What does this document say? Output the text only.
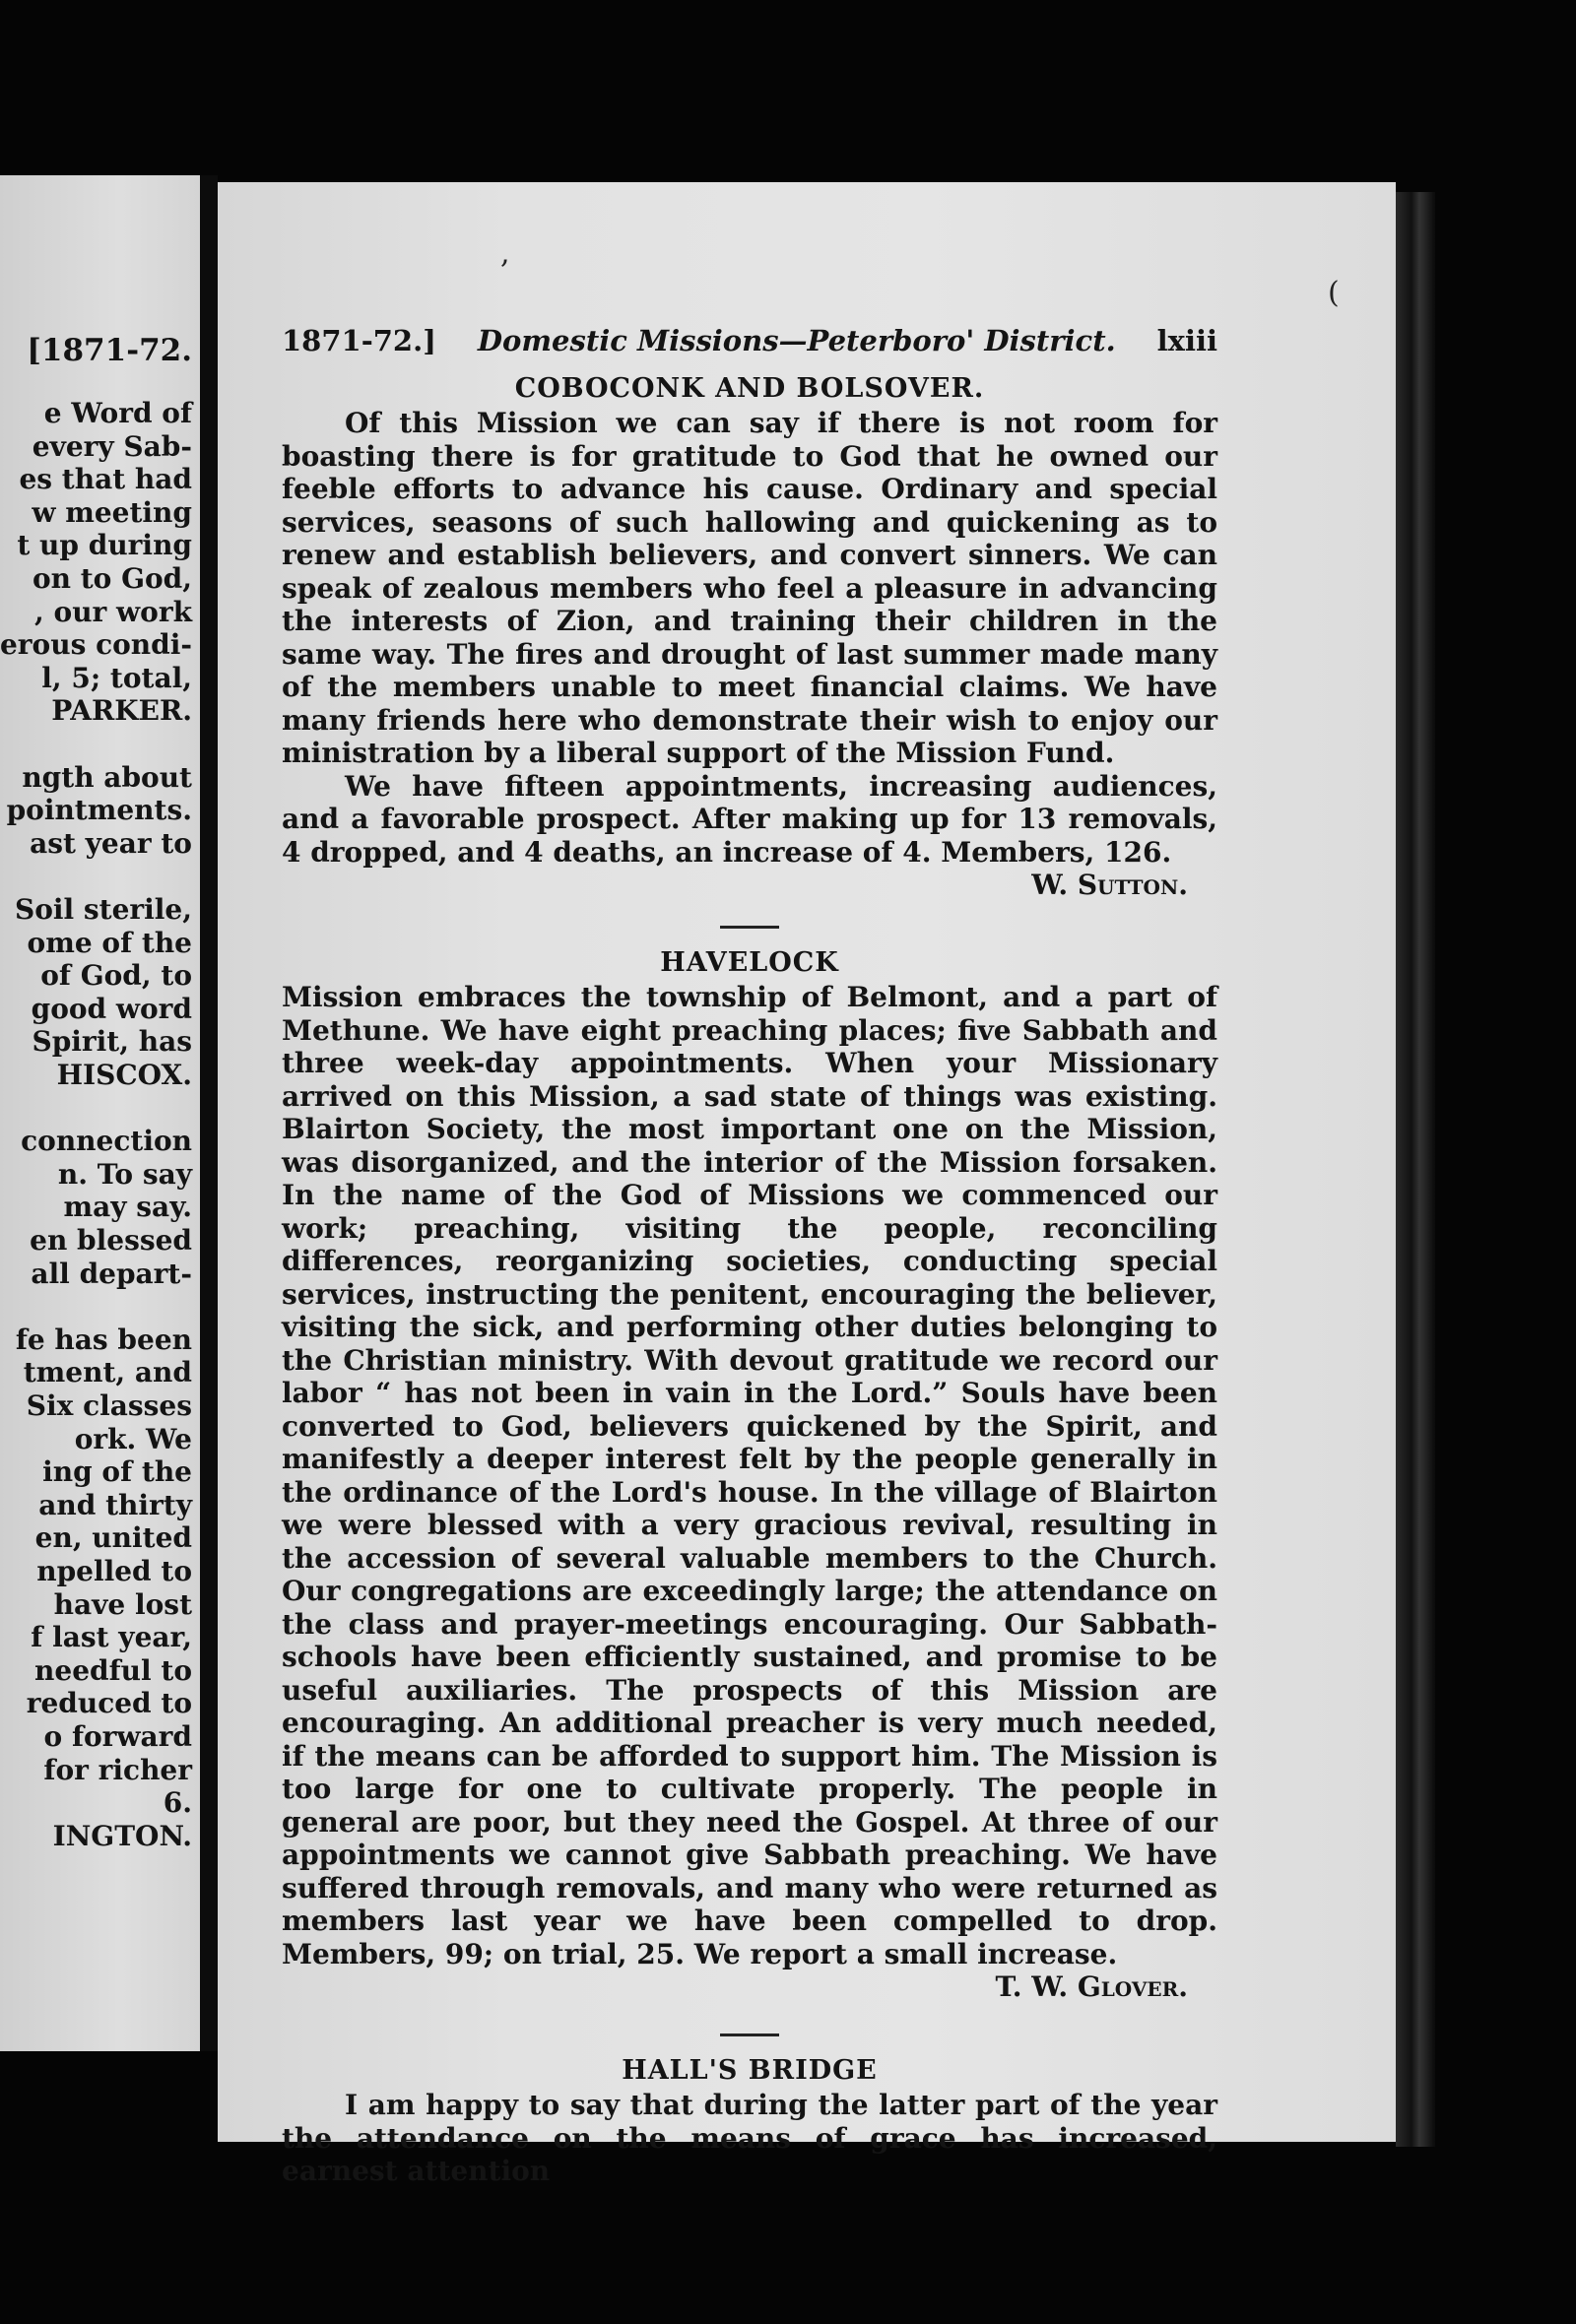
[1871-72.
e Word of
every Sab-
es that had
w meeting
t up during
on to God,
, our work
erous condi-
l, 5; total,
PARKER.
ngth about
pointments.
ast year to
Soil sterile,
ome of the
of God, to
good word
Spirit, has
HISCOX.
connection
n. To say
may say.
en blessed
all depart-
fe has been
tment, and
Six classes
ork. We
ing of the
and thirty
en, united
npelled to
have lost
f last year,
needful to
reduced to
o forward
for richer
6.
INGTON.
,
(
1871-72.] Domestic Missions—Peterboro' District. lxiii
COBOCONK AND BOLSOVER.

Of this Mission we can say if there is not room for boasting there is for gratitude to God that he owned our feeble efforts to advance his cause. Ordinary and special services, seasons of such hallowing and quickening as to renew and establish believers, and convert sinners. We can speak of zealous members who feel a pleasure in advancing the interests of Zion, and training their children in the same way. The fires and drought of last summer made many of the members unable to meet financial claims. We have many friends here who demonstrate their wish to enjoy our ministration by a liberal support of the Mission Fund.

We have fifteen appointments, increasing audiences, and a favorable prospect. After making up for 13 removals, 4 dropped, and 4 deaths, an increase of 4. Members, 126.

W. Sutton.
HAVELOCK

Mission embraces the township of Belmont, and a part of Methune. We have eight preaching places; five Sabbath and three week-day appointments. When your Missionary arrived on this Mission, a sad state of things was existing. Blairton Society, the most important one on the Mission, was disorganized, and the interior of the Mission forsaken. In the name of the God of Missions we commenced our work; preaching, visiting the people, reconciling differences, reorganizing societies, conducting special services, instructing the penitent, encouraging the believer, visiting the sick, and performing other duties belonging to the Christian ministry. With devout gratitude we record our labor “ has not been in vain in the Lord.” Souls have been converted to God, believers quickened by the Spirit, and manifestly a deeper interest felt by the people generally in the ordinance of the Lord's house. In the village of Blairton we were blessed with a very gracious revival, resulting in the accession of several valuable members to the Church. Our congregations are exceedingly large; the attendance on the class and prayer-meetings encouraging. Our Sabbath-schools have been efficiently sustained, and promise to be useful auxiliaries. The prospects of this Mission are encouraging. An additional preacher is very much needed, if the means can be afforded to support him. The Mission is too large for one to cultivate properly. The people in general are poor, but they need the Gospel. At three of our appointments we cannot give Sabbath preaching. We have suffered through removals, and many who were returned as members last year we have been compelled to drop. Members, 99; on trial, 25. We report a small increase.

T. W. Glover.
HALL'S BRIDGE

I am happy to say that during the latter part of the year the attendance on the means of grace has increased, earnest attention
